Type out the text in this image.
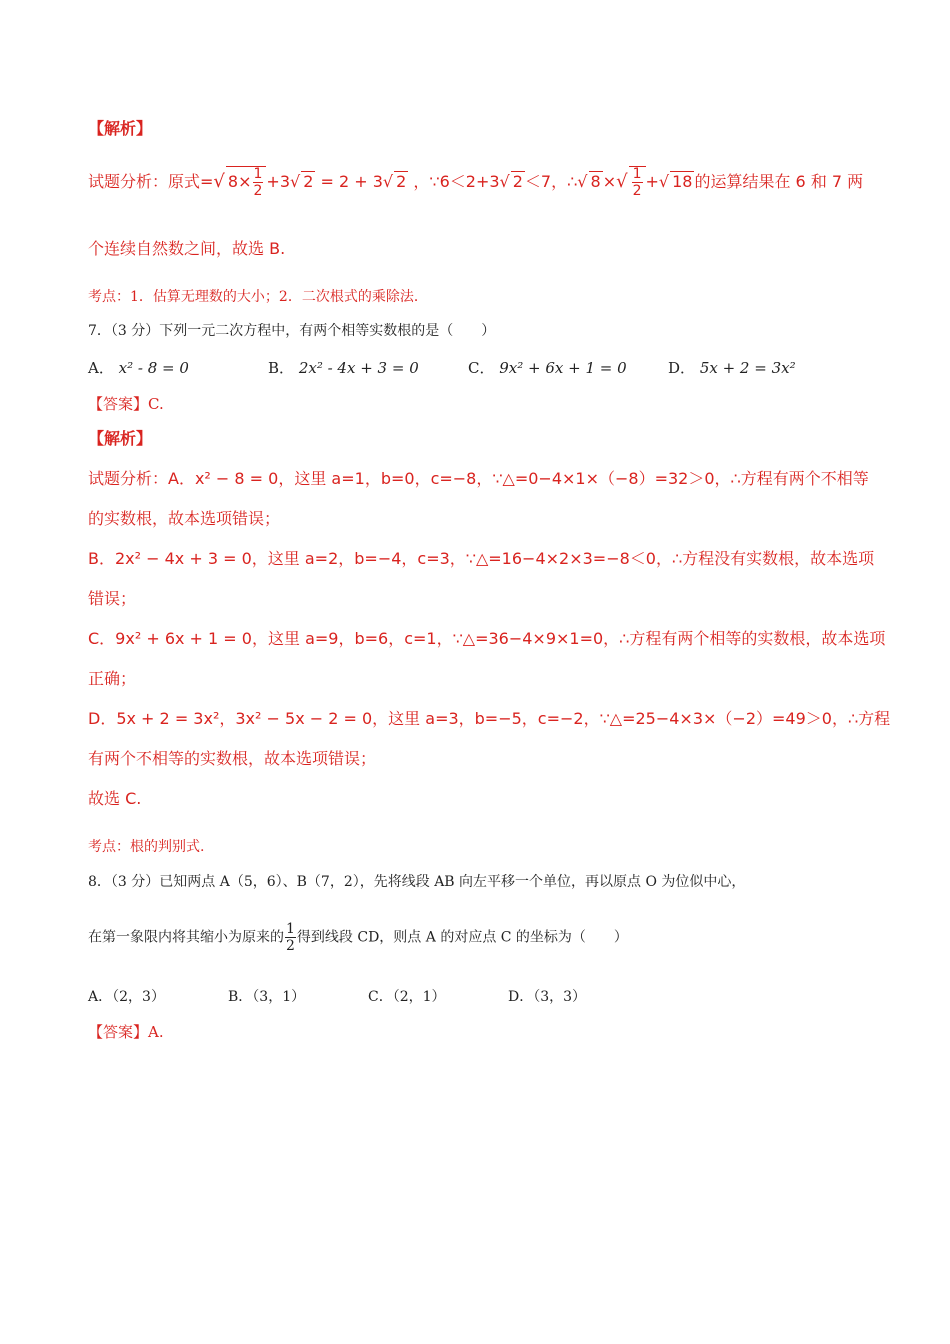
【解析】
试题分析：原式=√ $8\times \frac{1}{2} +3√$ 2 = 2 + 3√ 2 ，∵6＜2+3√ 2 ＜7，∴√ 8 ×√ $\frac{1}{2}$ +√ 18 的运算结果在 6 和 7 两
个连续自然数之间，故选 B.
考点：1．估算无理数的大小；2．二次根式的乘除法．
7．（3 分）下列一元二次方程中，有两个相等实数根的是（　　）
A． x² - 8 = 0	B． 2x² - 4x + 3 = 0	C． 9x² + 6x + 1 = 0	D． 5x + 2 = 3x²
【答案】C.
【解析】
试题分析：A．x² − 8 = 0，这里 a=1，b=0，c=−8，∵△=0−4×1×（−8）=32＞0，∴方程有两个不相等
的实数根，故本选项错误；
B．2x² − 4x + 3 = 0，这里 a=2，b=−4，c=3，∵△=16−4×2×3=−8＜0，∴方程没有实数根，故本选项
错误；
C．9x² + 6x + 1 = 0，这里 a=9，b=6，c=1，∵△=36−4×9×1=0，∴方程有两个相等的实数根，故本选项
正确；
D．5x + 2 = 3x²，3x² − 5x − 2 = 0，这里 a=3，b=−5，c=−2，∵△=25−4×3×（−2）=49＞0，∴方程
有两个不相等的实数根，故本选项错误；
故选 C.
考点：根的判别式.
8．（3 分）已知两点 A（5，6）、B（7，2），先将线段 AB 向左平移一个单位，再以原点 O 为位似中心，
在第一象限内将其缩小为原来的 $\frac{1}{2}$ 得到线段 CD，则点 A 的对应点 C 的坐标为（　　）
A．（2，3）	B．（3，1）	C．（2，1）	D．（3，3）
【答案】A.
